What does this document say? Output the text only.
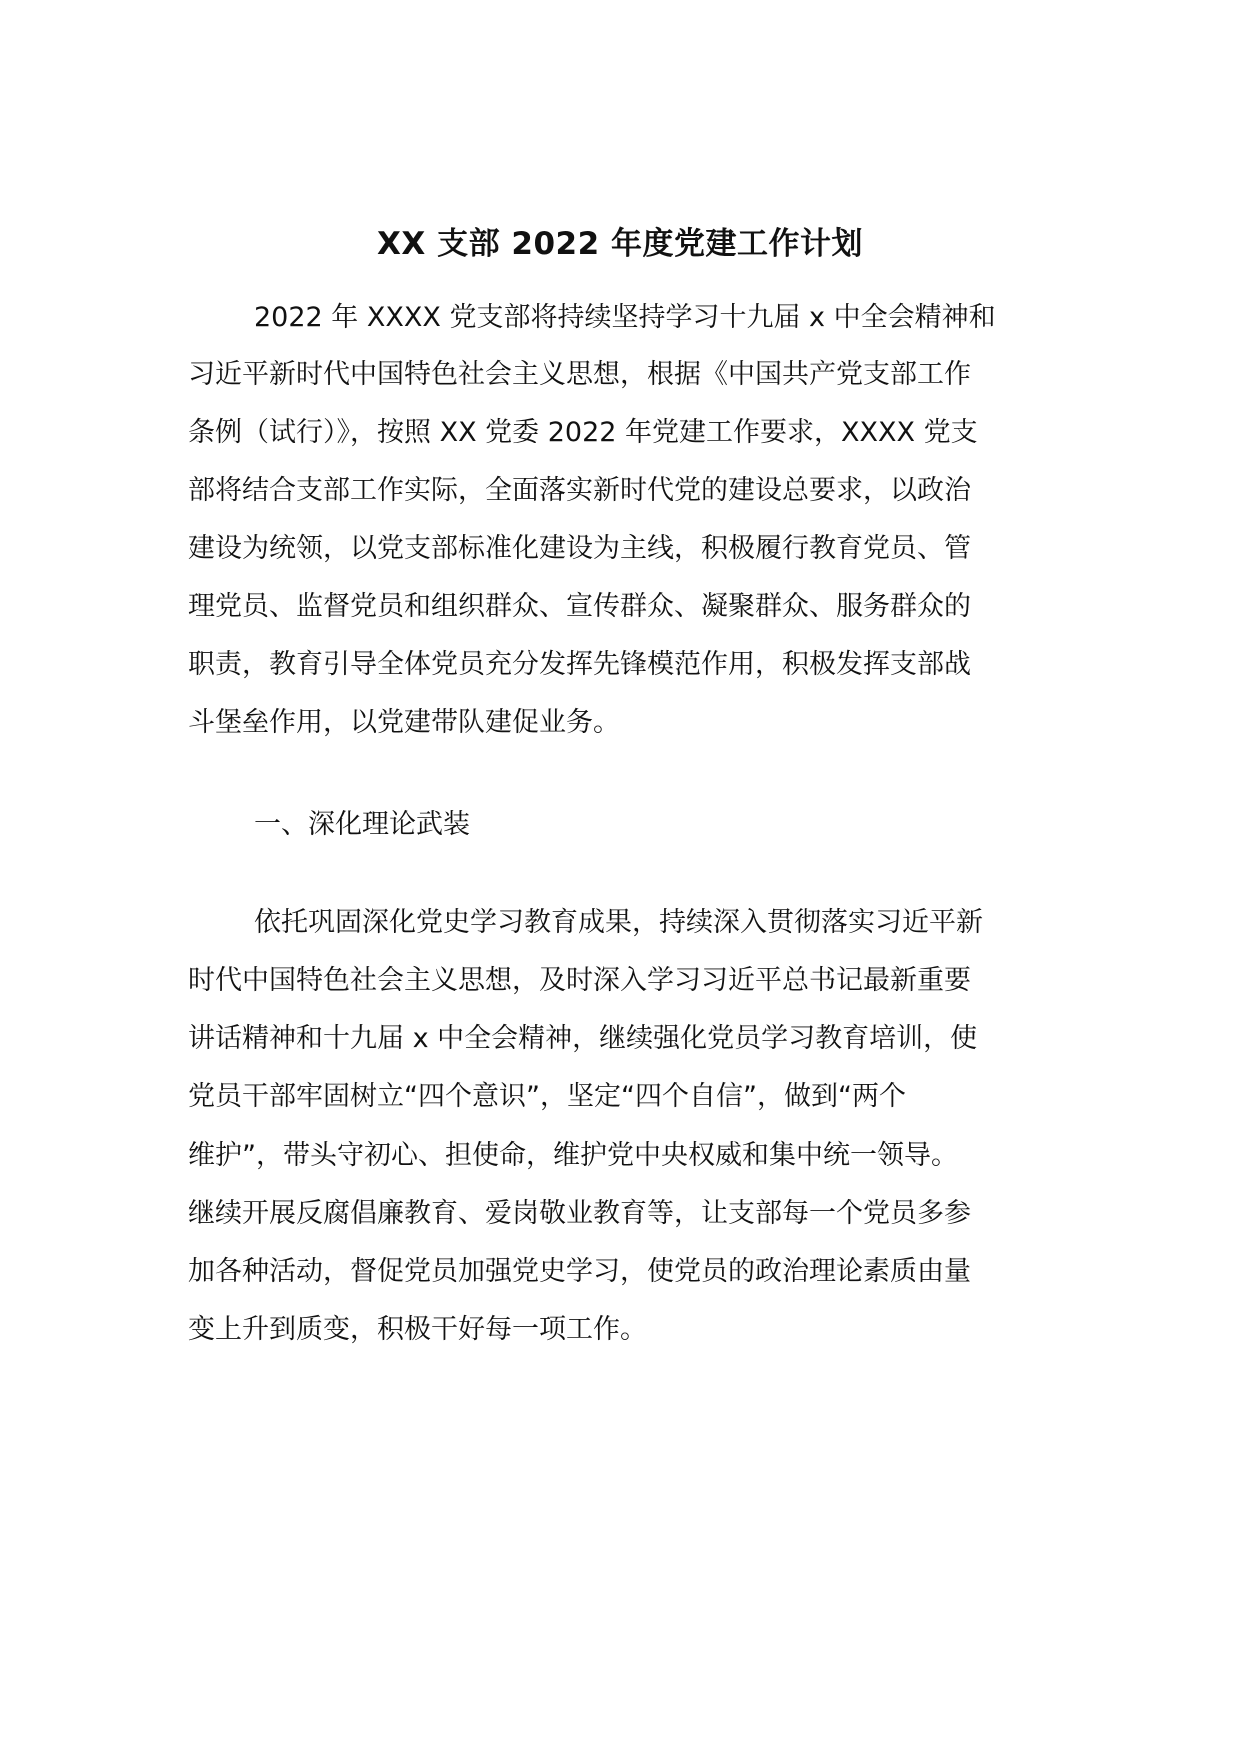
XX 支部 2022 年度党建工作计划
2022 年 XXXX 党支部将持续坚持学习十九届 x 中全会精神和
习近平新时代中国特色社会主义思想，根据《中国共产党支部工作
条例（试行）》，按照 XX 党委 2022 年党建工作要求，XXXX 党支
部将结合支部工作实际，全面落实新时代党的建设总要求，以政治
建设为统领，以党支部标准化建设为主线，积极履行教育党员、管
理党员、监督党员和组织群众、宣传群众、凝聚群众、服务群众的
职责，教育引导全体党员充分发挥先锋模范作用，积极发挥支部战
斗堡垒作用，以党建带队建促业务。
一、深化理论武装
依托巩固深化党史学习教育成果，持续深入贯彻落实习近平新
时代中国特色社会主义思想，及时深入学习习近平总书记最新重要
讲话精神和十九届 x 中全会精神，继续强化党员学习教育培训，使
党员干部牢固树立“四个意识”，坚定“四个自信”，做到“两个
维护”，带头守初心、担使命，维护党中央权威和集中统一领导。
继续开展反腐倡廉教育、爱岗敬业教育等，让支部每一个党员多参
加各种活动，督促党员加强党史学习，使党员的政治理论素质由量
变上升到质变，积极干好每一项工作。
